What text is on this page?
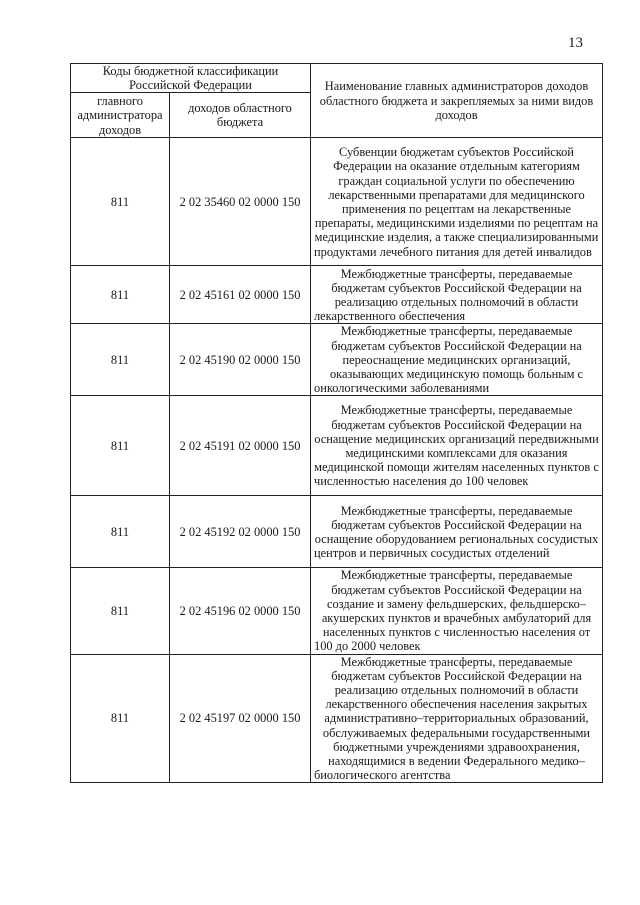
13
Коды бюджетной классификации Российской Федерации		Наименование главных администраторов доходов областного бюджета и закрепляемых за ними видов доходов
главного администратора доходов	доходов областного бюджета	
811	2 02 35460 02 0000 150	Субвенции бюджетам субъектов Российской Федерации на оказание отдельным категориям граждан социальной услуги по обеспечению лекарственными препаратами для медицинского применения по рецептам на лекарственные препараты, медицинскими изделиями по рецептам на медицинские изделия, а также специализированными продуктами лечебного питания для детей инвалидов
811	2 02 45161 02 0000 150	Межбюджетные трансферты, передаваемые бюджетам субъектов Российской Федерации на реализацию отдельных полномочий в области лекарственного обеспечения
811	2 02 45190 02 0000 150	Межбюджетные трансферты, передаваемые бюджетам субъектов Российской Федерации на переоснащение медицинских организаций, оказывающих медицинскую помощь больным с онкологическими заболеваниями
811	2 02 45191 02 0000 150	Межбюджетные трансферты, передаваемые бюджетам субъектов Российской Федерации на оснащение медицинских организаций передвижными медицинскими комплексами для оказания медицинской помощи жителям населенных пунктов с численностью населения до 100 человек
811	2 02 45192 02 0000 150	Межбюджетные трансферты, передаваемые бюджетам субъектов Российской Федерации на оснащение оборудованием региональных сосудистых центров и первичных сосудистых отделений
811	2 02 45196 02 0000 150	Межбюджетные трансферты, передаваемые бюджетам субъектов Российской Федерации на создание и замену фельдшерских, фельдшерско–акушерских пунктов и врачебных амбулаторий для населенных пунктов с численностью населения от 100 до 2000 человек
811	2 02 45197 02 0000 150	Межбюджетные трансферты, передаваемые бюджетам субъектов Российской Федерации на реализацию отдельных полномочий в области лекарственного обеспечения населения закрытых административно–территориальных образований, обслуживаемых федеральными государственными бюджетными учреждениями здравоохранения, находящимися в ведении Федерального медико–биологического агентства
